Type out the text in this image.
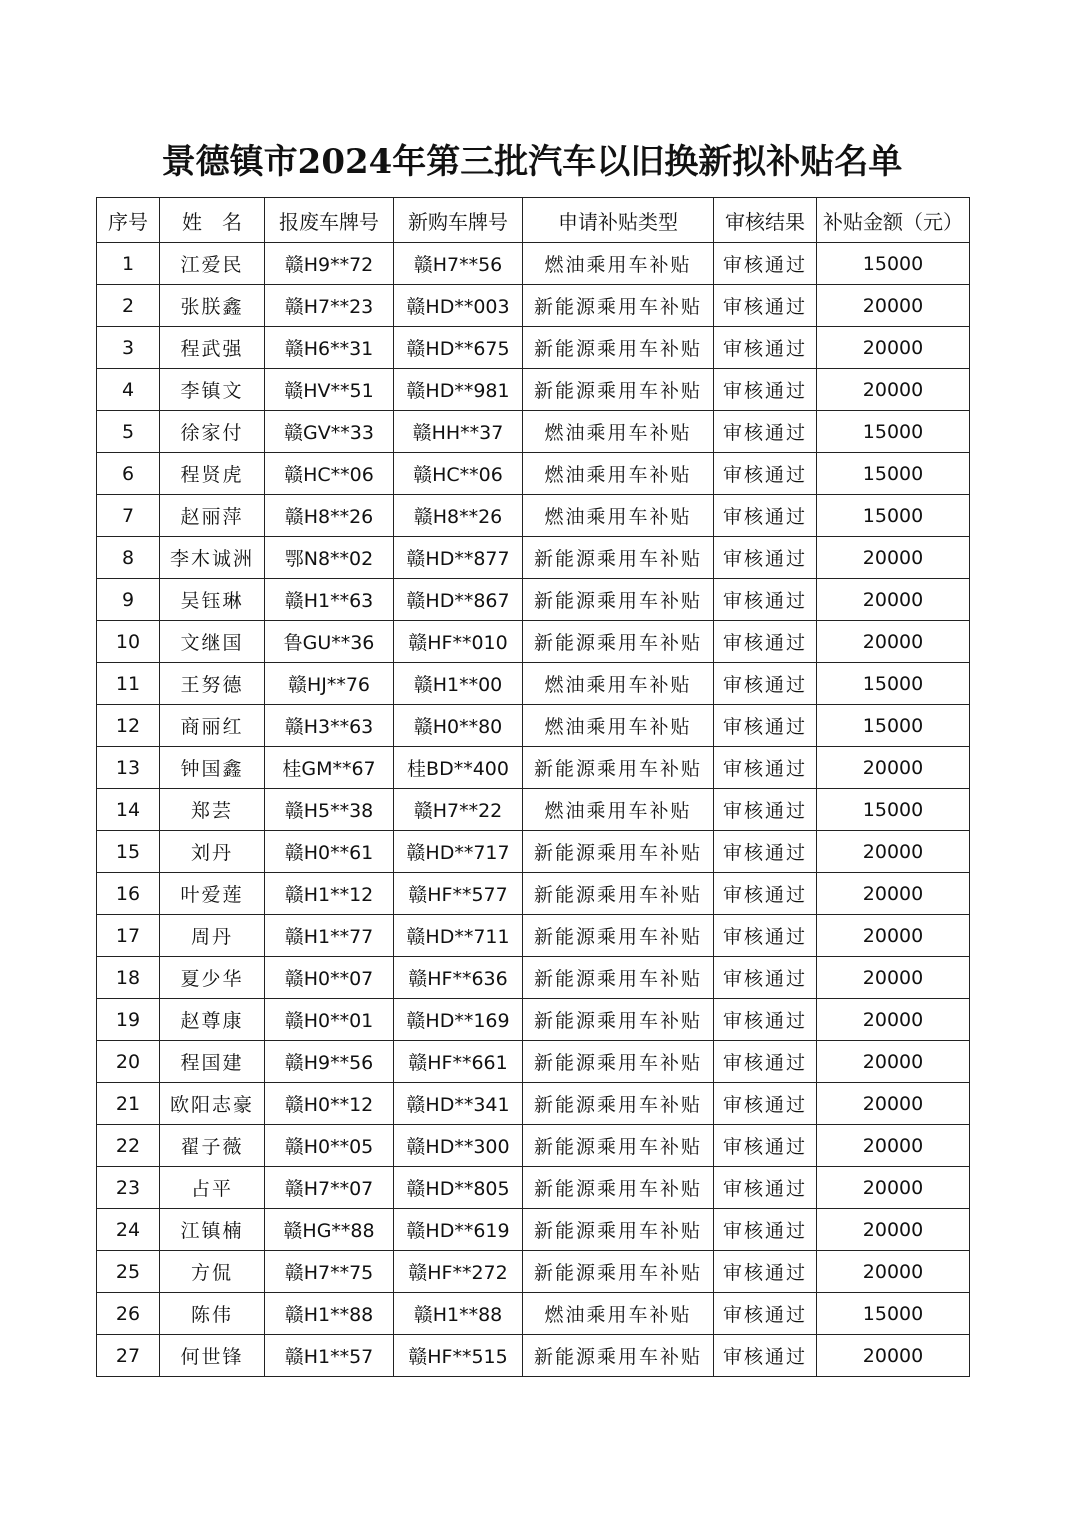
景德镇市2024年第三批汽车以旧换新拟补贴名单
序号	姓　名	报废车牌号	新购车牌号	申请补贴类型	审核结果	补贴金额（元）
1	江爱民	赣H9**72	赣H7**56	燃油乘用车补贴	审核通过	15000
2	张朕鑫	赣H7**23	赣HD**003	新能源乘用车补贴	审核通过	20000
3	程武强	赣H6**31	赣HD**675	新能源乘用车补贴	审核通过	20000
4	李镇文	赣HV**51	赣HD**981	新能源乘用车补贴	审核通过	20000
5	徐家付	赣GV**33	赣HH**37	燃油乘用车补贴	审核通过	15000
6	程贤虎	赣HC**06	赣HC**06	燃油乘用车补贴	审核通过	15000
7	赵丽萍	赣H8**26	赣H8**26	燃油乘用车补贴	审核通过	15000
8	李木诚洲	鄂N8**02	赣HD**877	新能源乘用车补贴	审核通过	20000
9	吴钰琳	赣H1**63	赣HD**867	新能源乘用车补贴	审核通过	20000
10	文继国	鲁GU**36	赣HF**010	新能源乘用车补贴	审核通过	20000
11	王努德	赣HJ**76	赣H1**00	燃油乘用车补贴	审核通过	15000
12	商丽红	赣H3**63	赣H0**80	燃油乘用车补贴	审核通过	15000
13	钟国鑫	桂GM**67	桂BD**400	新能源乘用车补贴	审核通过	20000
14	郑芸	赣H5**38	赣H7**22	燃油乘用车补贴	审核通过	15000
15	刘丹	赣H0**61	赣HD**717	新能源乘用车补贴	审核通过	20000
16	叶爱莲	赣H1**12	赣HF**577	新能源乘用车补贴	审核通过	20000
17	周丹	赣H1**77	赣HD**711	新能源乘用车补贴	审核通过	20000
18	夏少华	赣H0**07	赣HF**636	新能源乘用车补贴	审核通过	20000
19	赵尊康	赣H0**01	赣HD**169	新能源乘用车补贴	审核通过	20000
20	程国建	赣H9**56	赣HF**661	新能源乘用车补贴	审核通过	20000
21	欧阳志豪	赣H0**12	赣HD**341	新能源乘用车补贴	审核通过	20000
22	翟子薇	赣H0**05	赣HD**300	新能源乘用车补贴	审核通过	20000
23	占平	赣H7**07	赣HD**805	新能源乘用车补贴	审核通过	20000
24	江镇楠	赣HG**88	赣HD**619	新能源乘用车补贴	审核通过	20000
25	方侃	赣H7**75	赣HF**272	新能源乘用车补贴	审核通过	20000
26	陈伟	赣H1**88	赣H1**88	燃油乘用车补贴	审核通过	15000
27	何世锋	赣H1**57	赣HF**515	新能源乘用车补贴	审核通过	20000
